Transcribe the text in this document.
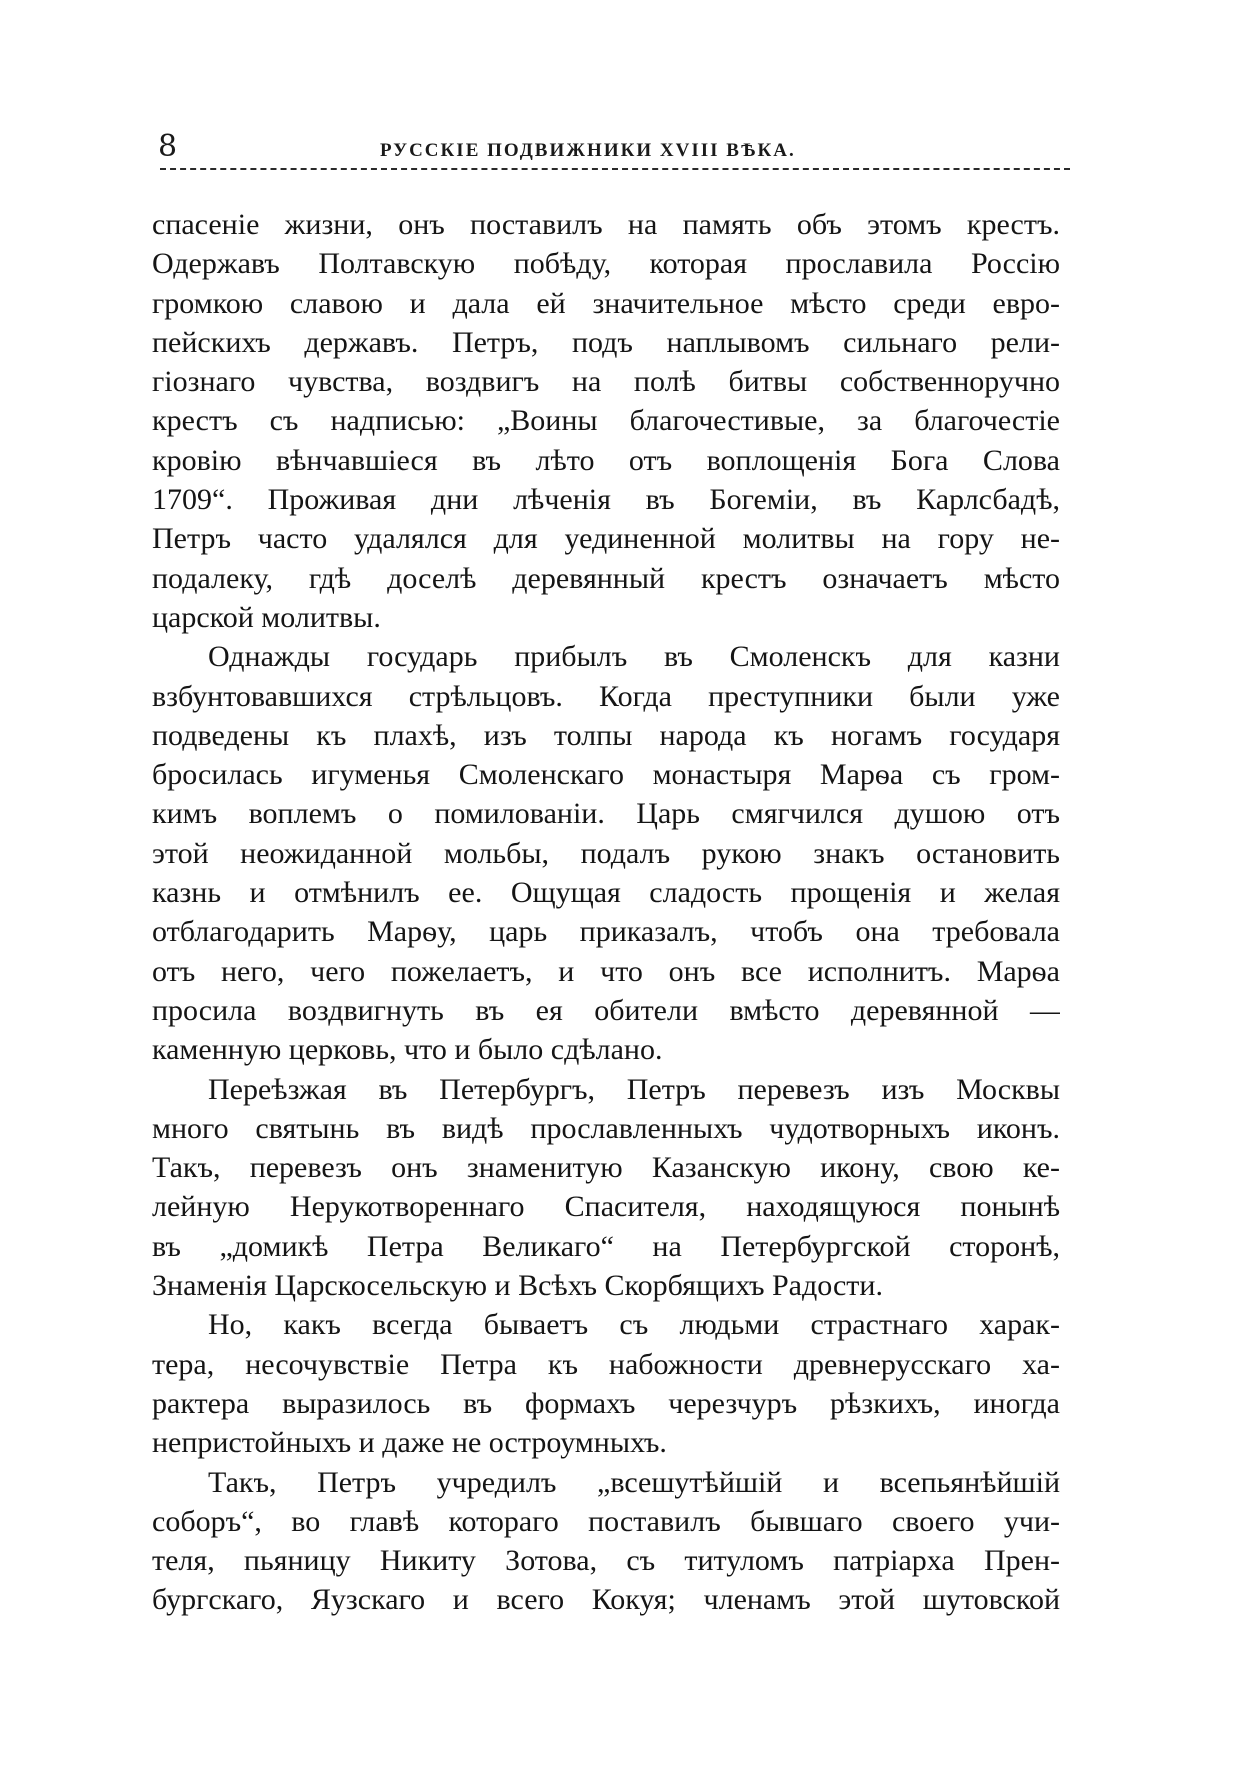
8	РУССКІЕ ПОДВИЖНИКИ XVIII ВѢКА.
спасеніе жизни, онъ поставилъ на память объ этомъ крестъ.
Одержавъ Полтавскую побѣду, которая прославила Россію
громкою славою и дала ей значительное мѣсто среди евро-
пейскихъ державъ. Петръ, подъ наплывомъ сильнаго рели-
гіознаго чувства, воздвигъ на полѣ битвы собственноручно
крестъ съ надписью: „Воины благочестивые, за благочестіе
кровію вѣнчавшіеся въ лѣто отъ воплощенія Бога Слова
1709“. Проживая дни лѣченія въ Богеміи, въ Карлсбадѣ,
Петръ часто удалялся для уединенной молитвы на гору не-
подалеку, гдѣ доселѣ деревянный крестъ означаетъ мѣсто
царской молитвы.
Однажды государь прибылъ въ Смоленскъ для казни
взбунтовавшихся стрѣльцовъ. Когда преступники были уже
подведены къ плахѣ, изъ толпы народа къ ногамъ государя
бросилась игуменья Смоленскаго монастыря Марѳа съ гром-
кимъ воплемъ о помилованіи. Царь смягчился душою отъ
этой неожиданной мольбы, подалъ рукою знакъ остановить
казнь и отмѣнилъ ее. Ощущая сладость прощенія и желая
отблагодарить Марѳу, царь приказалъ, чтобъ она требовала
отъ него, чего пожелаетъ, и что онъ все исполнитъ. Марѳа
просила воздвигнуть въ ея обители вмѣсто деревянной —
каменную церковь, что и было сдѣлано.
Переѣзжая въ Петербургъ, Петръ перевезъ изъ Москвы
много святынь въ видѣ прославленныхъ чудотворныхъ иконъ.
Такъ, перевезъ онъ знаменитую Казанскую икону, свою ке-
лейную Нерукотвореннаго Спасителя, находящуюся понынѣ
въ „домикѣ Петра Великаго“ на Петербургской сторонѣ,
Знаменія Царскосельскую и Всѣхъ Скорбящихъ Радости.
Но, какъ всегда бываетъ съ людьми страстнаго харак-
тера, несочувствіе Петра къ набожности древнерусскаго ха-
рактера выразилось въ формахъ черезчуръ рѣзкихъ, иногда
непристойныхъ и даже не остроумныхъ.
Такъ, Петръ учредилъ „всешутѣйшій и всепьянѣйшій
соборъ“, во главѣ котораго поставилъ бывшаго своего учи-
теля, пьяницу Никиту Зотова, съ титуломъ патріарха Прен-
бургскаго, Яузскаго и всего Кокуя; членамъ этой шутовской
